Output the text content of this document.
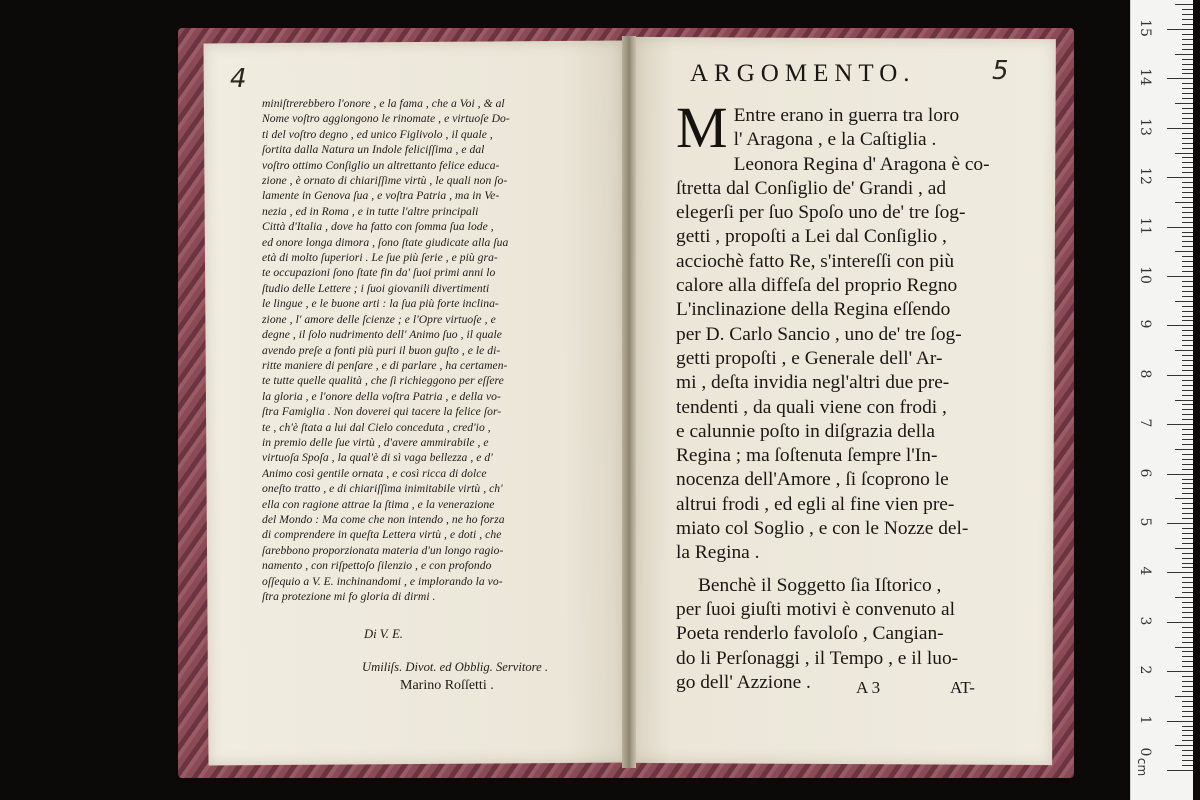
4
miniſtrerebbero l'onore , e la fama , che a Voi , & al
Nome voſtro aggiongono le rinomate , e virtuoſe Do-
ti del voſtro degno , ed unico Figlivolo , il quale ,
ſortita dalla Natura un Indole feliciſſima , e dal
voſtro ottimo Conſiglio un altrettanto felice educa-
zione , è ornato di chiariſſime virtù , le quali non ſo-
lamente in Genova ſua , e voſtra Patria , ma in Ve-
nezia , ed in Roma , e in tutte l'altre principali
Città d'Italia , dove ha fatto con ſomma ſua lode ,
ed onore longa dimora , ſono ſtate giudicate alla ſua
età di molto ſuperiori . Le ſue più ſerie , e più gra-
te occupazioni ſono ſtate fin da' ſuoi primi anni lo
ſtudio delle Lettere ; i ſuoi giovanili divertimenti
le lingue , e le buone arti : la ſua più forte inclina-
zione , l' amore delle ſcienze ; e l'Opre virtuoſe , e
degne , il ſolo nudrimento dell' Animo ſuo , il quale
avendo preſe a fonti più puri il buon guſto , e le di-
ritte maniere di penſare , e di parlare , ha certamen-
te tutte quelle qualità , che ſi richieggono per eſſere
la gloria , e l'onore della voſtra Patria , e della vo-
ſtra Famiglia . Non doverei qui tacere la felice ſor-
te , ch'è ſtata a lui dal Cielo conceduta , cred'io ,
in premio delle ſue virtù , d'avere ammirabile , e
virtuoſa Spoſa , la qual'è di sì vaga bellezza , e d'
Animo così gentile ornata , e così ricca di dolce
oneſto tratto , e di chiariſſima inimitabile virtù , ch'
ella con ragione attrae la ſtima , e la venerazione
del Mondo : Ma come che non intendo , ne ho forza
di comprendere in queſta Lettera virtù , e doti , che
ſarebbono proporzionata materia d'un longo ragio-
namento , con riſpettoſo ſilenzio , e con profondo
oſſequio a V. E. inchinandomi , e implorando la vo-
ſtra protezione mi fo gloria di dirmi .
Di V. E.
Umiliſs. Divot. ed Obblig. Servitore .
Marino Roſſetti .
ARGOMENTO.	5
M Entre erano in guerra tra loro
l' Aragona , e la Caſtiglia .
Leonora Regina d' Aragona è co-
ſtretta dal Conſiglio de' Grandi , ad
elegerſi per ſuo Spoſo uno de' tre ſog-
getti , propoſti a Lei dal Conſiglio ,
acciochè fatto Re, s'intereſſi con più
calore alla diffeſa del proprio Regno
L'inclinazione della Regina eſſendo
per D. Carlo Sancio , uno de' tre ſog-
getti propoſti , e Generale dell' Ar-
mi , deſta invidia negl'altri due pre-
tendenti , da quali viene con frodi ,
e calunnie poſto in diſgrazia della
Regina ; ma ſoſtenuta ſempre l'In-
nocenza dell'Amore , ſi ſcoprono le
altrui frodi , ed egli al fine vien pre-
miato col Soglio , e con le Nozze del-
la Regina .
Benchè il Soggetto ſia Iſtorico ,
per ſuoi giuſti motivi è convenuto al
Poeta renderlo favoloſo , Cangian-
do li Perſonaggi , il Tempo , e il luo-
go dell' Azzione .	A 3	AT-
cm
1
2
3
4
5
6
7
8
9
10
11
12
13
14
15
0
